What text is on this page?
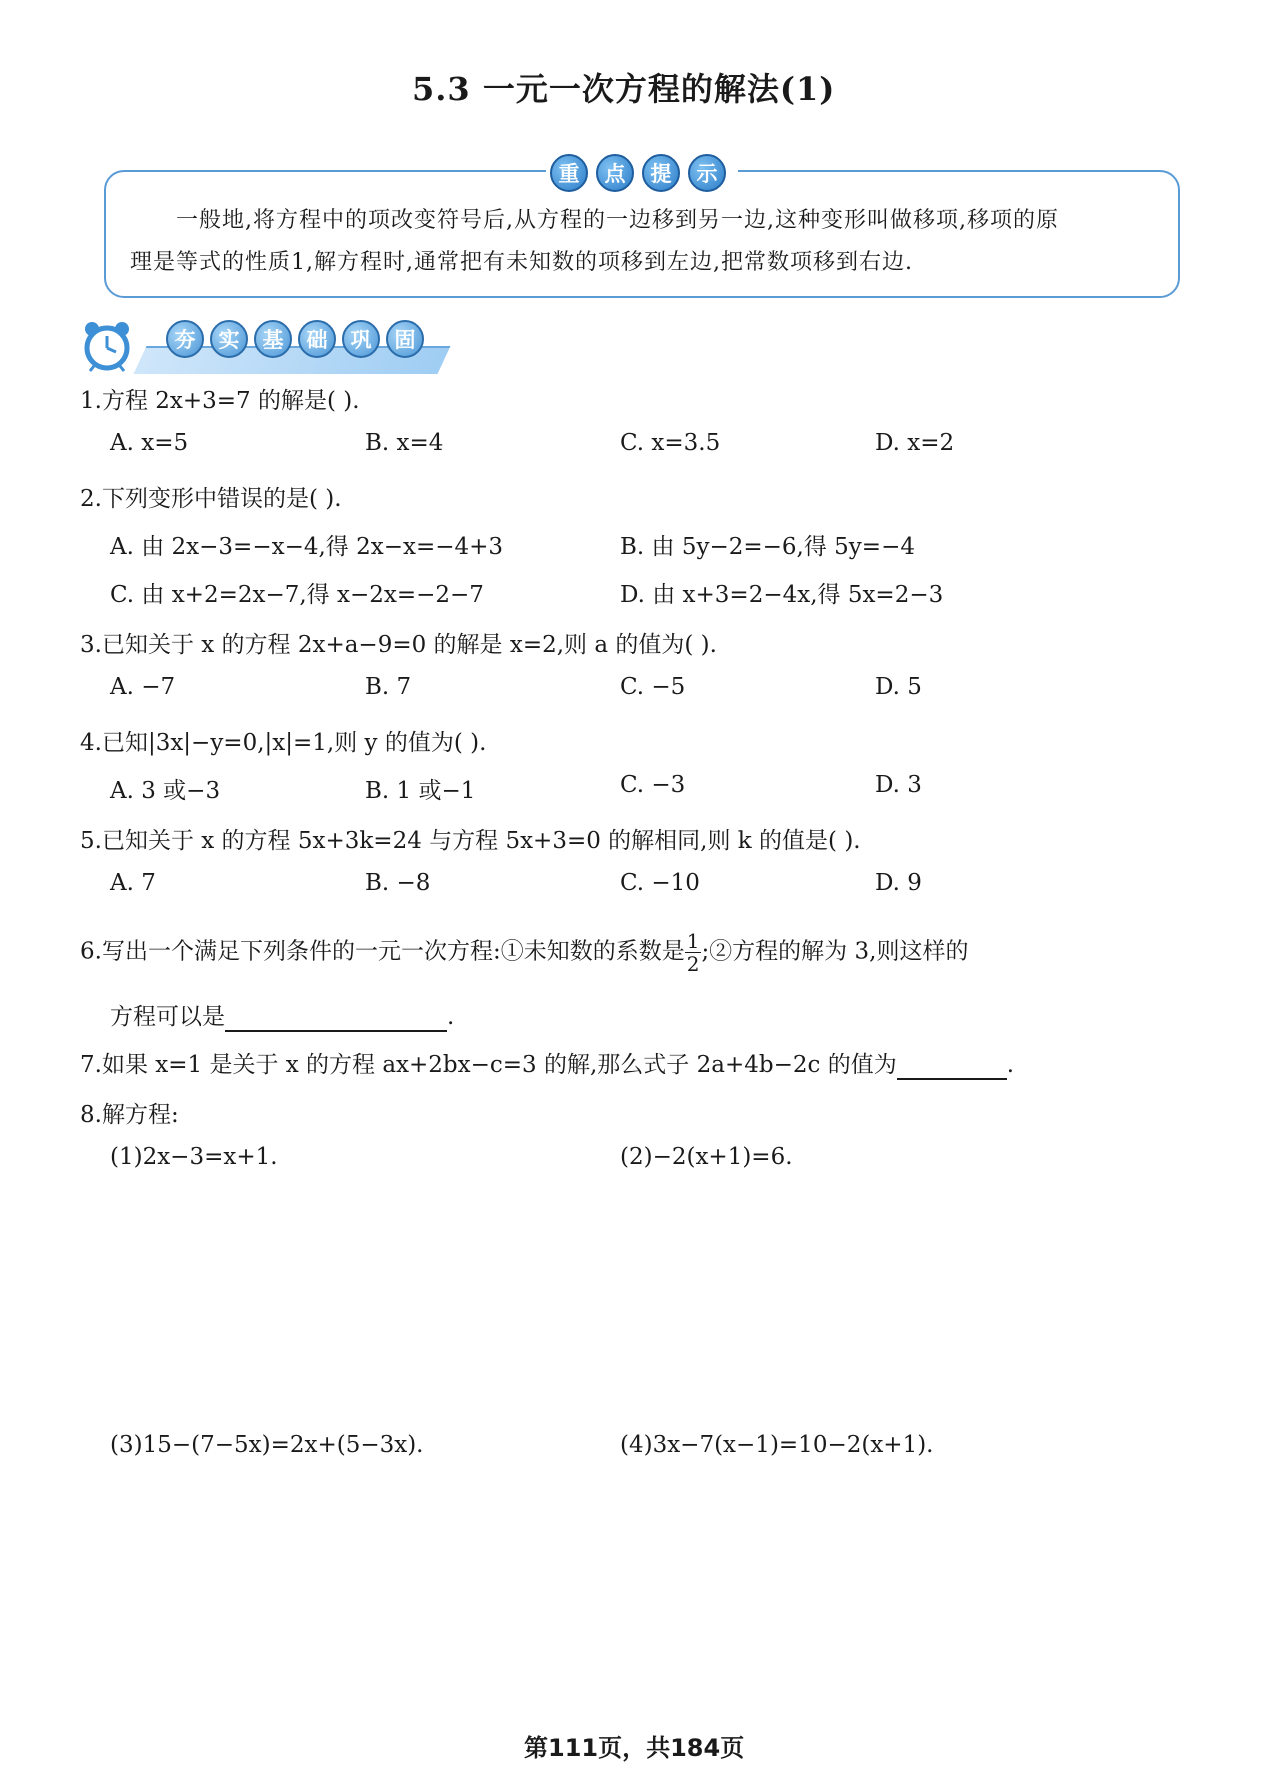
5.3 一元一次方程的解法(1)
重	点	提	示
一般地,将方程中的项改变符号后,从方程的一边移到另一边,这种变形叫做移项,移项的原
理是等式的性质1,解方程时,通常把有未知数的项移到左边,把常数项移到右边.
夯	实	基	础	巩	固
1.方程 2x+3=7 的解是( ).
A. x=5	B. x=4	C. x=3.5	D. x=2
2.下列变形中错误的是( ).
A. 由 2x−3=−x−4,得 2x−x=−4+3	B. 由 5y−2=−6,得 5y=−4
C. 由 x+2=2x−7,得 x−2x=−2−7	D. 由 x+3=2−4x,得 5x=2−3
3.已知关于 x 的方程 2x+a−9=0 的解是 x=2,则 a 的值为( ).
A. −7	B. 7	C. −5	D. 5
4.已知|3x|−y=0,|x|=1,则 y 的值为( ).
A. 3 或−3	B. 1 或−1	C. −3	D. 3
5.已知关于 x 的方程 5x+3k=24 与方程 5x+3=0 的解相同,则 k 的值是( ).
A. 7	B. −8	C. −10	D. 9
6.写出一个满足下列条件的一元一次方程:①未知数的系数是 $\frac{1}{2}$ ;②方程的解为 3,则这样的
方程可以是	.
7.如果 x=1 是关于 x 的方程 ax+2bx−c=3 的解,那么式子 2a+4b−2c 的值为	.
8.解方程:
(1)2x−3=x+1.	(2)−2(x+1)=6.
(3)15−(7−5x)=2x+(5−3x).	(4)3x−7(x−1)=10−2(x+1).
第111页，共184页
